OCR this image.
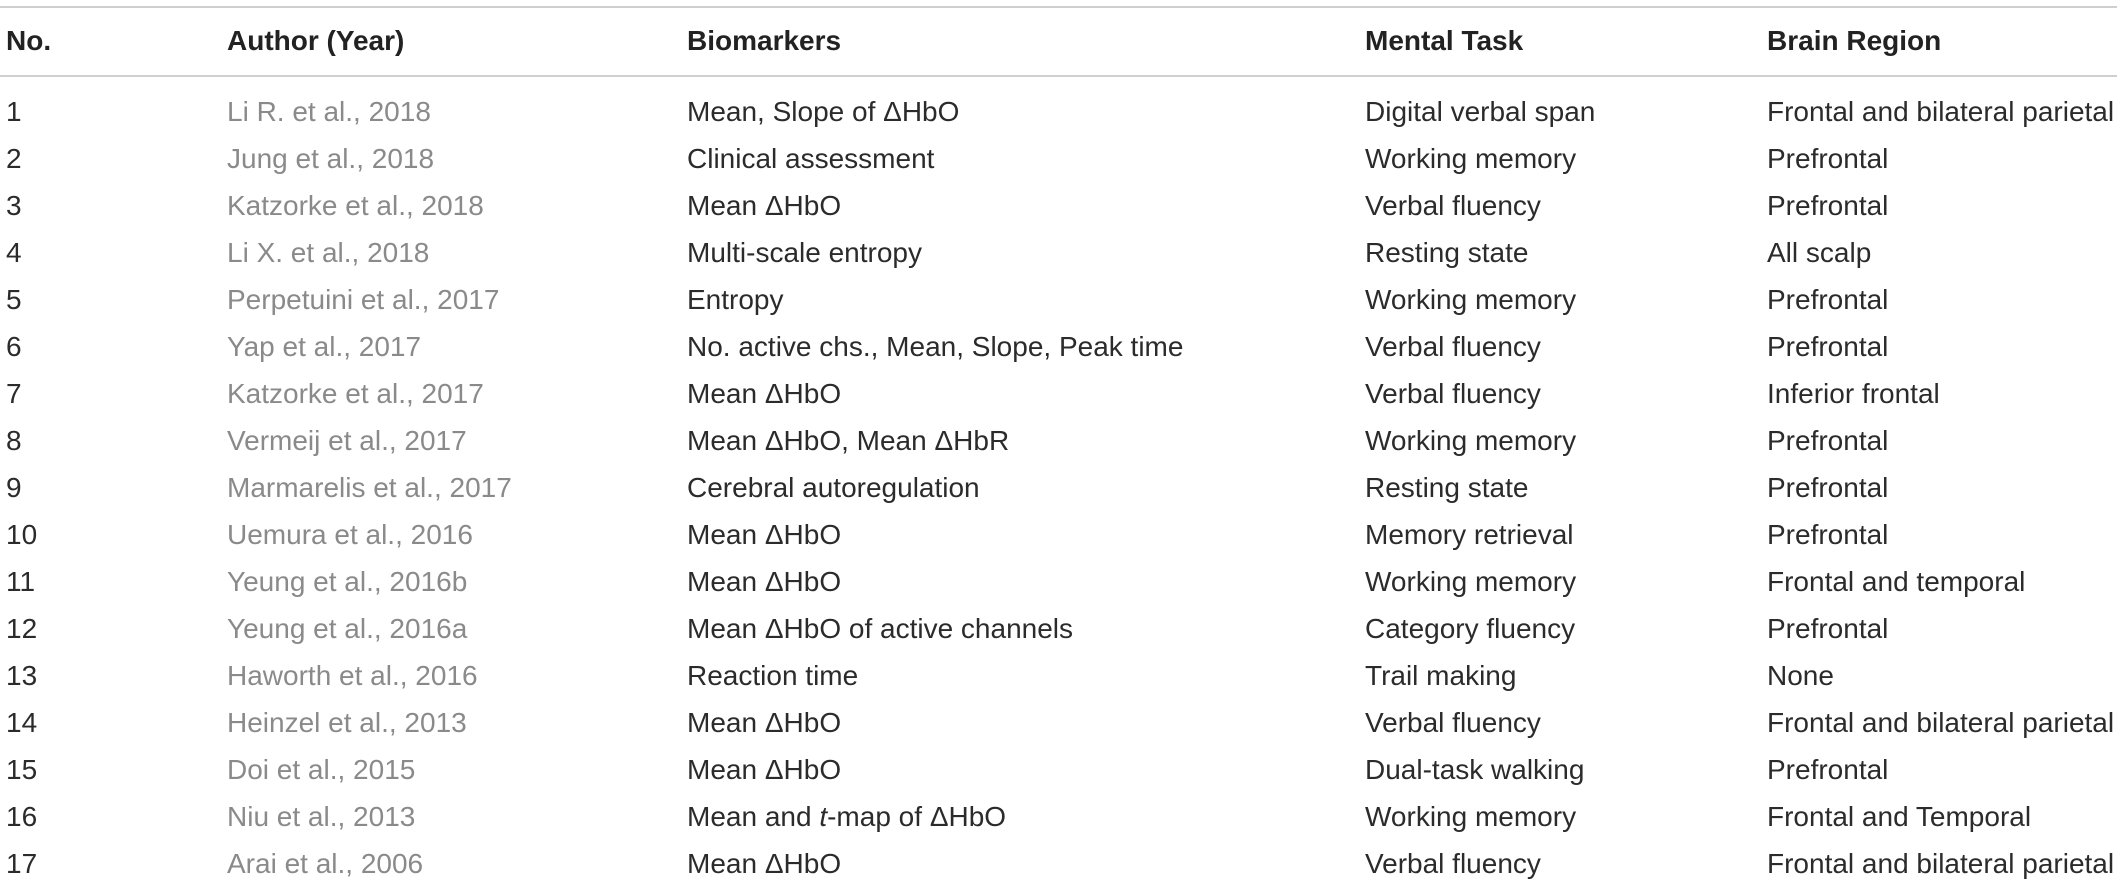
No.	Author (Year)	Biomarkers	Mental Task	Brain Region
1	Li R. et al., 2018	Mean, Slope of ΔHbO	Digital verbal span	Frontal and bilateral parietal
2	Jung et al., 2018	Clinical assessment	Working memory	Prefrontal
3	Katzorke et al., 2018	Mean ΔHbO	Verbal fluency	Prefrontal
4	Li X. et al., 2018	Multi-scale entropy	Resting state	All scalp
5	Perpetuini et al., 2017	Entropy	Working memory	Prefrontal
6	Yap et al., 2017	No. active chs., Mean, Slope, Peak time	Verbal fluency	Prefrontal
7	Katzorke et al., 2017	Mean ΔHbO	Verbal fluency	Inferior frontal
8	Vermeij et al., 2017	Mean ΔHbO, Mean ΔHbR	Working memory	Prefrontal
9	Marmarelis et al., 2017	Cerebral autoregulation	Resting state	Prefrontal
10	Uemura et al., 2016	Mean ΔHbO	Memory retrieval	Prefrontal
11	Yeung et al., 2016b	Mean ΔHbO	Working memory	Frontal and temporal
12	Yeung et al., 2016a	Mean ΔHbO of active channels	Category fluency	Prefrontal
13	Haworth et al., 2016	Reaction time	Trail making	None
14	Heinzel et al., 2013	Mean ΔHbO	Verbal fluency	Frontal and bilateral parietal
15	Doi et al., 2015	Mean ΔHbO	Dual-task walking	Prefrontal
16	Niu et al., 2013	Mean and t-map of ΔHbO	Working memory	Frontal and Temporal
17	Arai et al., 2006	Mean ΔHbO	Verbal fluency	Frontal and bilateral parietal
